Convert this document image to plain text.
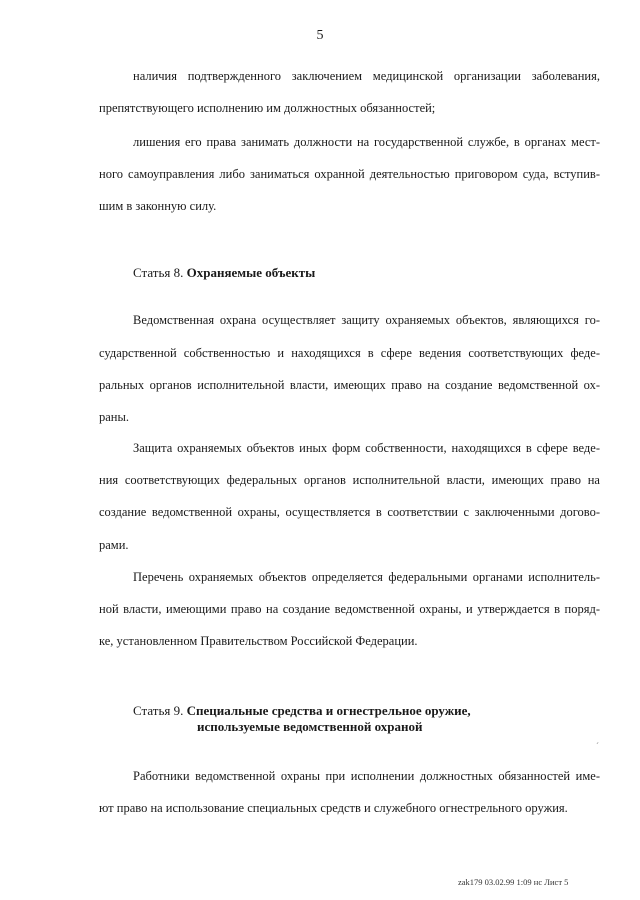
5
наличия подтвержденного заключением медицинской организации заболевания,
препятствующего исполнению им должностных обязанностей;
лишения его права занимать должности на государственной службе, в органах мест-
ного самоуправления либо заниматься охранной деятельностью приговором суда, вступив-
шим в законную силу.
Статья 8. Охраняемые объекты
Ведомственная охрана осуществляет защиту охраняемых объектов, являющихся го-
сударственной собственностью и находящихся в сфере ведения соответствующих феде-
ральных органов исполнительной власти, имеющих право на создание ведомственной ох-
раны.
Защита охраняемых объектов иных форм собственности, находящихся в сфере веде-
ния соответствующих федеральных органов исполнительной власти, имеющих право на
создание ведомственной охраны, осуществляется в соответствии с заключенными догово-
рами.
Перечень охраняемых объектов определяется федеральными органами исполнитель-
ной власти, имеющими право на создание ведомственной охраны, и утверждается в поряд-
ке, установленном Правительством Российской Федерации.
Статья 9. Специальные средства и огнестрельное оружие,
используемые ведомственной охраной
´
Работники ведомственной охраны при исполнении должностных обязанностей име-
ют право на использование специальных средств и служебного огнестрельного оружия.
zak179 03.02.99 1:09 нс Лист 5
